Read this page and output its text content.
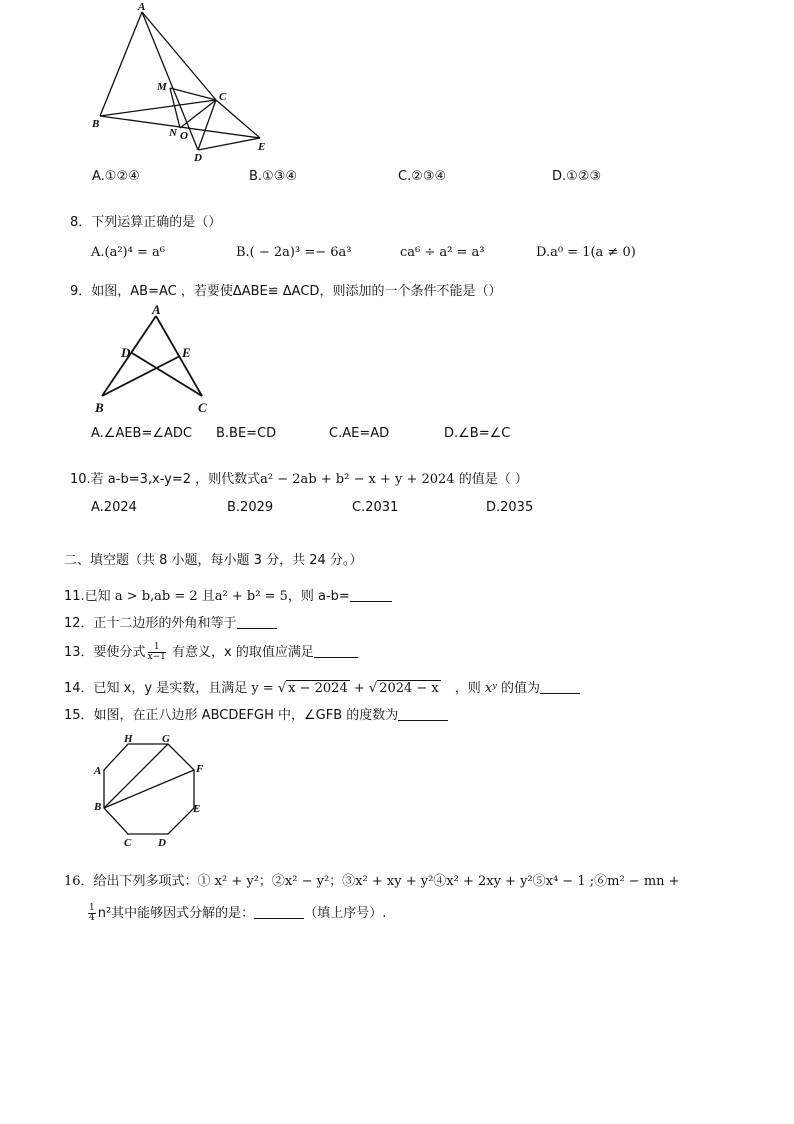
A
M
C
B
N O
D
E
A.①②④	B.①③④	C.②③④	D.①②③
8．下列运算正确的是（）
A.(a²)⁴ = a⁶	B.( − 2a)³ =− 6a³	ca⁶ ÷ a² = a³	D.a⁰ = 1(a ≠ 0)
9．如图，AB=AC ，若要使ΔABE≌ ΔACD，则添加的一个条件不能是（）
A
D	E
B	C
A.∠AEB=∠ADC B.BE=CD	C.AE=AD	D.∠B=∠C
10.若 a-b=3,x-y=2 ，则代数式a² − 2ab + b² − x + y + 2024 的值是（ ）
A.2024	B.2029	C.2031	D.2035
二、填空题（共 8 小题，每小题 3 分，共 24 分。）
11.已知 a > b,ab = 2 且a² + b² = 5，则 a-b=
12．正十二边形的外角和等于
13．要使分式 $\frac{1}{x-1}$ 有意义，x 的取值应满足
14．已知 x，y 是实数，且满足 y = √ x − 2024 + √ 2024 − x ，则 xʸ 的值为
15．如图，在正八边形 ABCDEFGH 中，∠GFB 的度数为
H	G
A	F
B	E
C D
16．给出下列多项式：① x² + y²；②x² − y²；③x² + xy + y²④x² + 2xy + y²⑤x⁴ − 1 ;⑥m² − mn +
$\frac{1}{4} n^2$其中能够因式分解的是：	（填上序号）.
